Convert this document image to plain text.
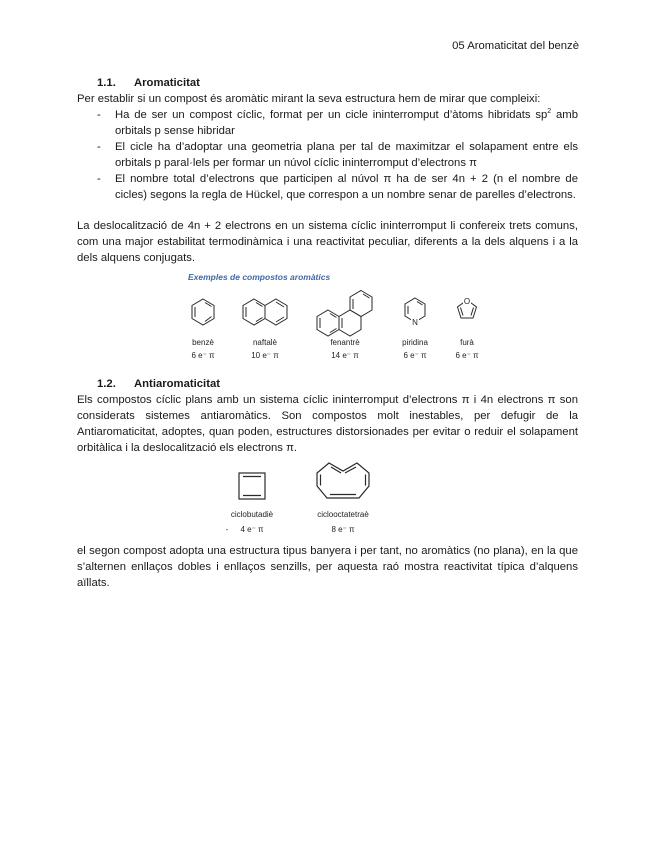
05 Aromaticitat del benzè
1.1. Aromaticitat

Per establir si un compost és aromàtic mirant la seva estructura hem de mirar que compleixi:

- Ha de ser un compost cíclic, format per un cicle ininterromput d’àtoms hibridats $sp^2$ amb orbitals p sense hibridar
- El cicle ha d’adoptar una geometria plana per tal de maximitzar el solapament entre els orbitals p paral·lels per formar un núvol cíclic ininterromput d’electrons π
- El nombre total d’electrons que participen al núvol π ha de ser 4n + 2 (n el nombre de cicles) segons la regla de Hückel, que correspon a un nombre senar de parelles d’electrons.

La deslocalització de 4n + 2 electrons en un sistema cíclic ininterromput li confereix trets comuns, com una major estabilitat termodinàmica i una reactivitat peculiar, diferents a la dels alquens i a la dels alquens conjugats.

Exemples de compostos aromàtics
N
O
benzè
6 e⁻ π
naftalè
10 e⁻ π
fenantrè
14 e⁻ π
piridina
6 e⁻ π
furà
6 e⁻ π
1.2. Antiaromaticitat

Els compostos cíclic plans amb un sistema cíclic ininterromput d’electrons π i 4n electrons π son considerats sistemes antiaromàtics. Son compostos molt inestables, per defugir de la Antiaromaticitat, adoptes, quan poden, estructures distorsionades per evitar o reduir el solapament orbitàlica i la deslocalització els electrons π.

ciclobutadiè
- 4 e⁻ π
ciclooctatetraè
8 e⁻ π

el segon compost adopta una estructura tipus banyera i per tant, no aromàtics (no plana), en la que s’alternen enllaços dobles i enllaços senzills, per aquesta raó mostra reactivitat típica d’alquens aïllats.
